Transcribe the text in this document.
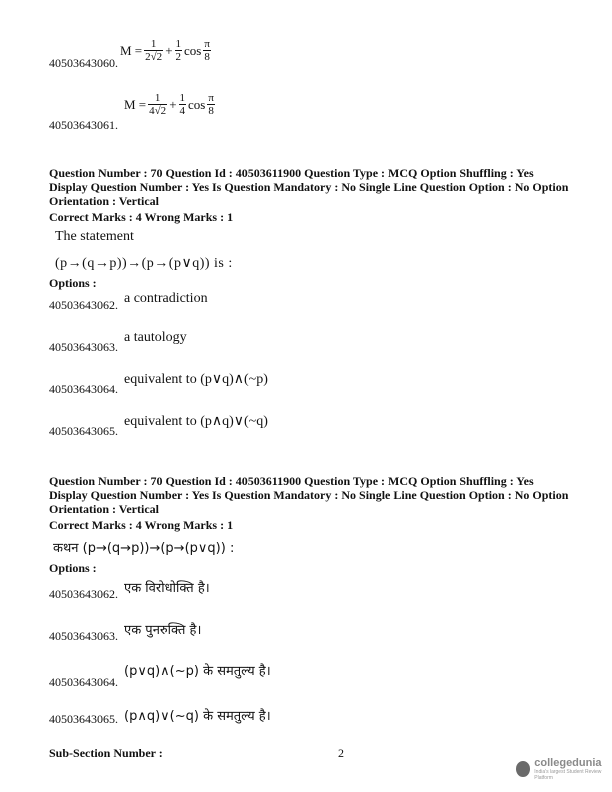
$M = \frac{1}{2√2} + \frac{1}{2}$ $\cos \frac{\pi}{8}$
40503643060.
$M = \frac{1}{4√2} + \frac{1}{4}$ $\cos \frac{\pi}{8}$
40503643061.
Question Number : 70 Question Id : 40503611900 Question Type : MCQ Option Shuffling : Yes
Display Question Number : Yes Is Question Mandatory : No Single Line Question Option : No Option
Orientation : Vertical
Correct Marks : 4 Wrong Marks : 1
The statement
(p→(q→p))→(p→(p∨q)) is :
Options :
a contradiction
40503643062.
a tautology
40503643063.
equivalent to (p∨q)∧(~p)
40503643064.
equivalent to (p∧q)∨(~q)
40503643065.
Question Number : 70 Question Id : 40503611900 Question Type : MCQ Option Shuffling : Yes
Display Question Number : Yes Is Question Mandatory : No Single Line Question Option : No Option
Orientation : Vertical
Correct Marks : 4 Wrong Marks : 1
कथन (p→(q→p))→(p→(p∨q)) :
Options :
एक विरोधोक्ति है।
40503643062.
एक पुनरुक्ति है।
40503643063.
(p∨q)∧(~p) के समतुल्य है।
40503643064.
(p∧q)∨(~q) के समतुल्य है।
40503643065.
Sub-Section Number :	2
collegedunia
India's largest Student Review Platform
